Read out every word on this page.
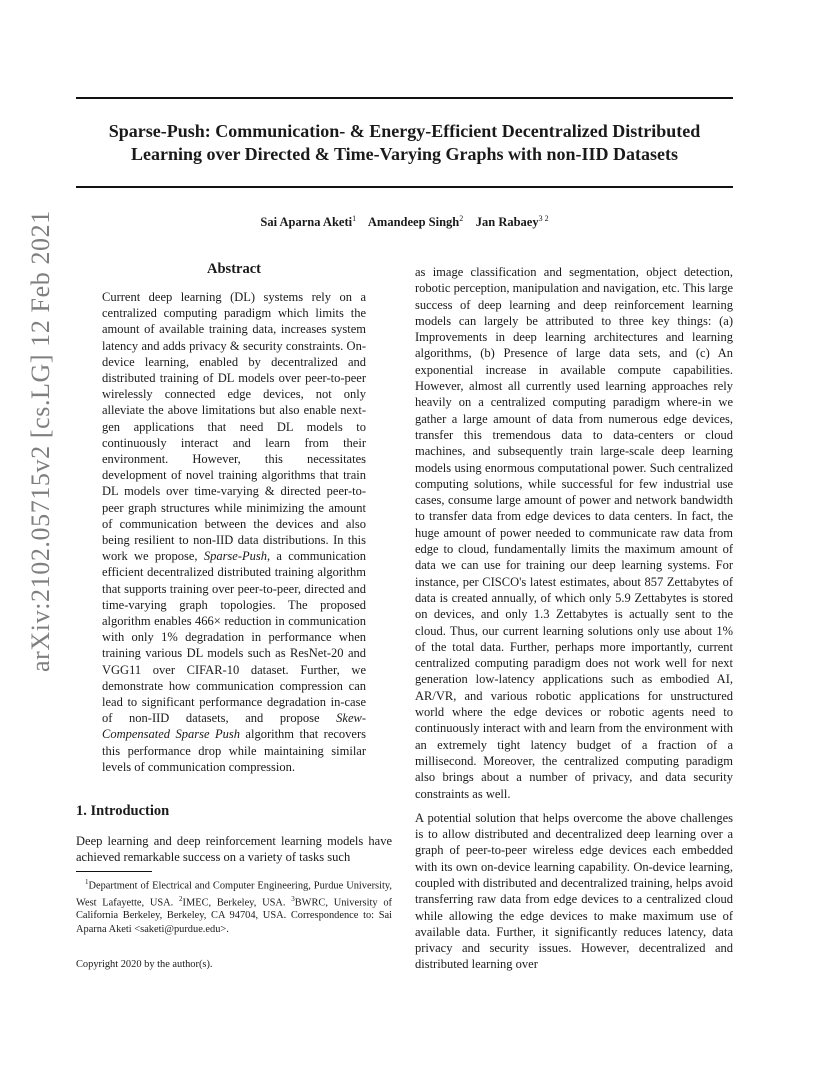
Sparse-Push: Communication- & Energy-Efficient Decentralized Distributed
Learning over Directed & Time-Varying Graphs with non-IID Datasets
Sai Aparna Aketi$^1$ Amandeep Singh$^2$ Jan Rabaey$^{3 2}$
arXiv:2102.05715v2 [cs.LG] 12 Feb 2021	Abstract
Current deep learning (DL) systems rely on a centralized computing paradigm which limits the amount of available training data, increases system latency and adds privacy & security constraints. On-device learning, enabled by decentralized and distributed training of DL models over peer-to-peer wirelessly connected edge devices, not only alleviate the above limitations but also enable next-gen applications that need DL models to continuously interact and learn from their environment. However, this necessitates development of novel training algorithms that train DL models over time-varying & directed peer-to-peer graph structures while minimizing the amount of communication between the devices and also being resilient to non-IID data distributions. In this work we propose, Sparse-Push, a communication efficient decentralized distributed training algorithm that supports training over peer-to-peer, directed and time-varying graph topologies. The proposed algorithm enables 466× reduction in communication with only 1% degradation in performance when training various DL models such as ResNet-20 and VGG11 over CIFAR-10 dataset. Further, we demonstrate how communication compression can lead to significant performance degradation in-case of non-IID datasets, and propose Skew-Compensated Sparse Push algorithm that recovers this performance drop while maintaining similar levels of communication compression.
1. Introduction
Deep learning and deep reinforcement learning models have achieved remarkable success on a variety of tasks such
$^1$Department of Electrical and Computer Engineering, Purdue University, West Lafayette, USA. $^2$IMEC, Berkeley, USA. $^3$BWRC, University of California Berkeley, Berkeley, CA 94704, USA. Correspondence to: Sai Aparna Aketi <saketi@purdue.edu>.
Copyright 2020 by the author(s).

as image classification and segmentation, object detection, robotic perception, manipulation and navigation, etc. This large success of deep learning and deep reinforcement learning models can largely be attributed to three key things: (a) Improvements in deep learning architectures and learning algorithms, (b) Presence of large data sets, and (c) An exponential increase in available compute capabilities. However, almost all currently used learning approaches rely heavily on a centralized computing paradigm where-in we gather a large amount of data from numerous edge devices, transfer this tremendous data to data-centers or cloud machines, and subsequently train large-scale deep learning models using enormous computational power. Such centralized computing solutions, while successful for few industrial use cases, consume large amount of power and network bandwidth to transfer data from edge devices to data centers. In fact, the huge amount of power needed to communicate raw data from edge to cloud, fundamentally limits the maximum amount of data we can use for training our deep learning systems. For instance, per CISCO's latest estimates, about 857 Zettabytes of data is created annually, of which only 5.9 Zettabytes is stored on devices, and only 1.3 Zettabytes is actually sent to the cloud. Thus, our current learning solutions only use about 1% of the total data. Further, perhaps more importantly, current centralized computing paradigm does not work well for next generation low-latency applications such as embodied AI, AR/VR, and various robotic applications for unstructured world where the edge devices or robotic agents need to continuously interact with and learn from the environment with an extremely tight latency budget of a fraction of a millisecond. Moreover, the centralized computing paradigm also brings about a number of privacy, and data security constraints as well.

A potential solution that helps overcome the above challenges is to allow distributed and decentralized deep learning over a graph of peer-to-peer wireless edge devices each embedded with its own on-device learning capability. On-device learning, coupled with distributed and decentralized training, helps avoid transferring raw data from edge devices to a centralized cloud while allowing the edge devices to make maximum use of available data. Further, it significantly reduces latency, data privacy and security issues. However, decentralized and distributed learning over
